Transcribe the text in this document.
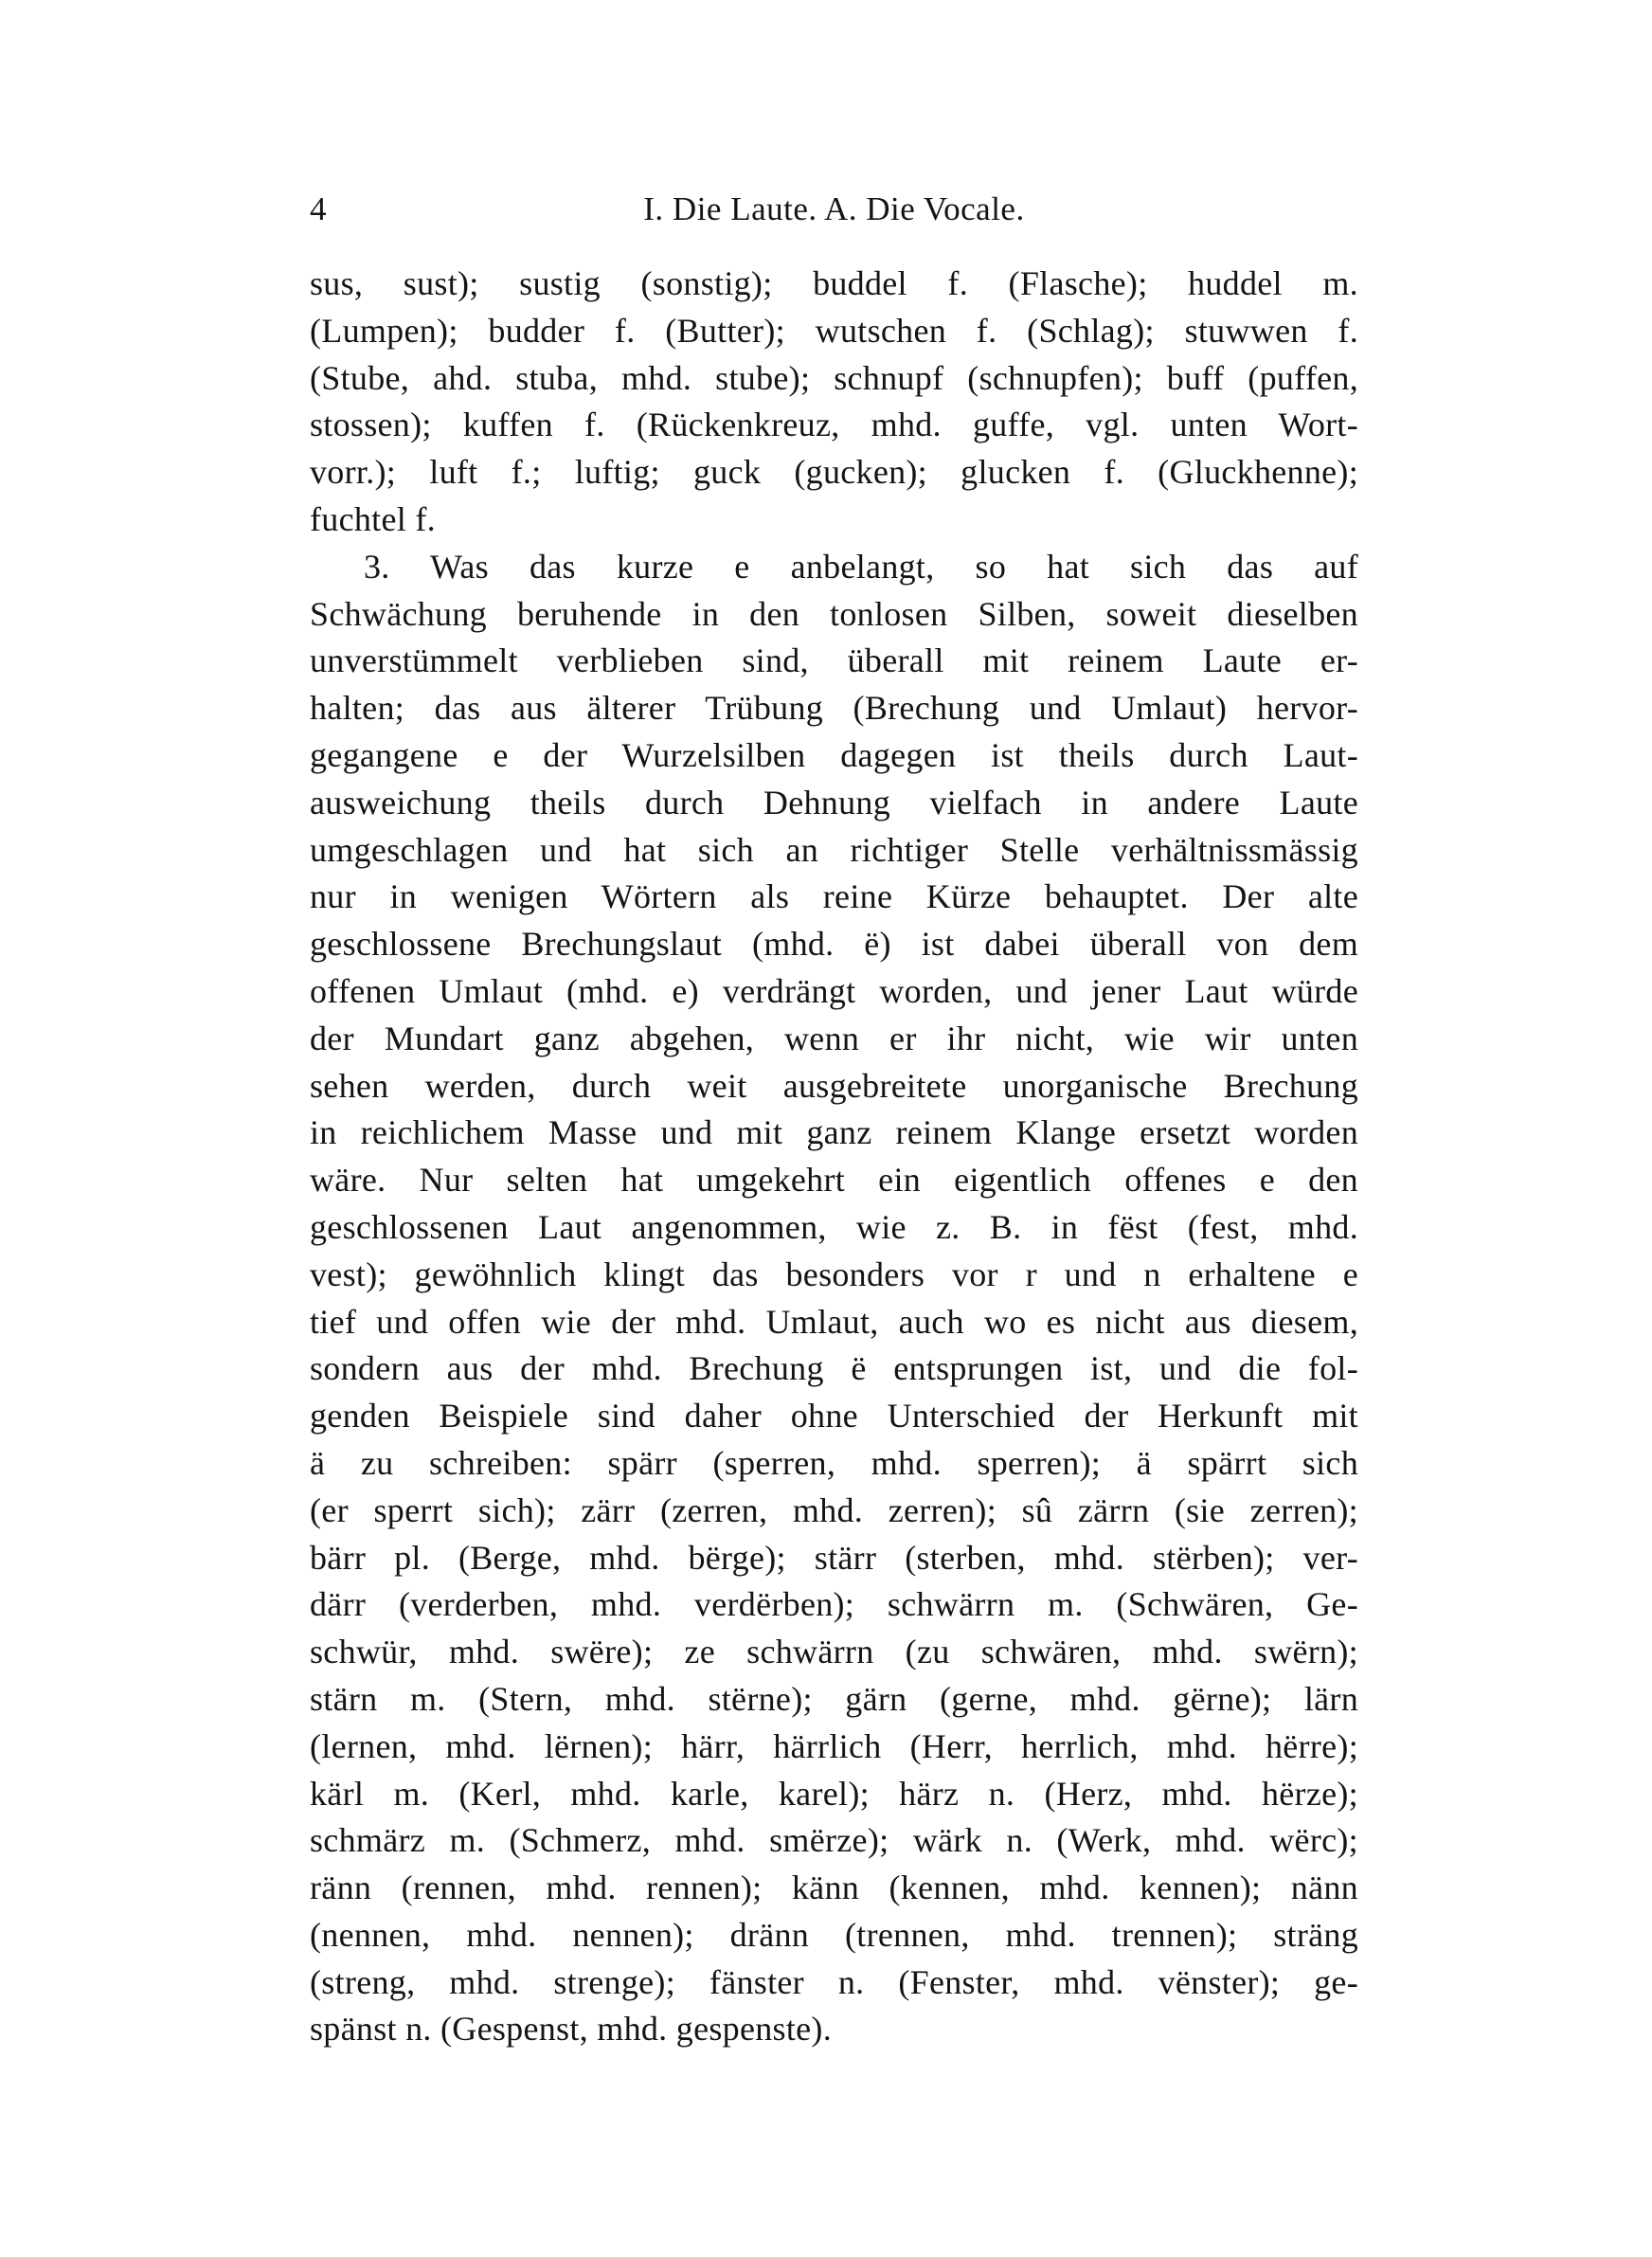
4	I. Die Laute. A. Die Vocale.
sus, sust); sustig (sonstig); buddel f. (Flasche); huddel m.
(Lumpen); budder f. (Butter); wutschen f. (Schlag); stuwwen f.
(Stube, ahd. stuba, mhd. stube); schnupf (schnupfen); buff (puffen,
stossen); kuffen f. (Rückenkreuz, mhd. guffe, vgl. unten Wort-
vorr.); luft f.; luftig; guck (gucken); glucken f. (Gluckhenne);
fuchtel f.
3. Was das kurze e anbelangt, so hat sich das auf
Schwächung beruhende in den tonlosen Silben, soweit dieselben
unverstümmelt verblieben sind, überall mit reinem Laute er-
halten; das aus älterer Trübung (Brechung und Umlaut) hervor-
gegangene e der Wurzelsilben dagegen ist theils durch Laut-
ausweichung theils durch Dehnung vielfach in andere Laute
umgeschlagen und hat sich an richtiger Stelle verhältnissmässig
nur in wenigen Wörtern als reine Kürze behauptet. Der alte
geschlossene Brechungslaut (mhd. ë) ist dabei überall von dem
offenen Umlaut (mhd. e) verdrängt worden, und jener Laut würde
der Mundart ganz abgehen, wenn er ihr nicht, wie wir unten
sehen werden, durch weit ausgebreitete unorganische Brechung
in reichlichem Masse und mit ganz reinem Klange ersetzt worden
wäre. Nur selten hat umgekehrt ein eigentlich offenes e den
geschlossenen Laut angenommen, wie z. B. in fëst (fest, mhd.
vest); gewöhnlich klingt das besonders vor r und n erhaltene e
tief und offen wie der mhd. Umlaut, auch wo es nicht aus diesem,
sondern aus der mhd. Brechung ë entsprungen ist, und die fol-
genden Beispiele sind daher ohne Unterschied der Herkunft mit
ä zu schreiben: spärr (sperren, mhd. sperren); ä spärrt sich
(er sperrt sich); zärr (zerren, mhd. zerren); sû zärrn (sie zerren);
bärr pl. (Berge, mhd. bërge); stärr (sterben, mhd. stërben); ver-
därr (verderben, mhd. verdërben); schwärrn m. (Schwären, Ge-
schwür, mhd. swëre); ze schwärrn (zu schwären, mhd. swërn);
stärn m. (Stern, mhd. stërne); gärn (gerne, mhd. gërne); lärn
(lernen, mhd. lërnen); härr, härrlich (Herr, herrlich, mhd. hërre);
kärl m. (Kerl, mhd. karle, karel); härz n. (Herz, mhd. hërze);
schmärz m. (Schmerz, mhd. smërze); wärk n. (Werk, mhd. wërc);
ränn (rennen, mhd. rennen); känn (kennen, mhd. kennen); nänn
(nennen, mhd. nennen); dränn (trennen, mhd. trennen); sträng
(streng, mhd. strenge); fänster n. (Fenster, mhd. vënster); ge-
spänst n. (Gespenst, mhd. gespenste).
